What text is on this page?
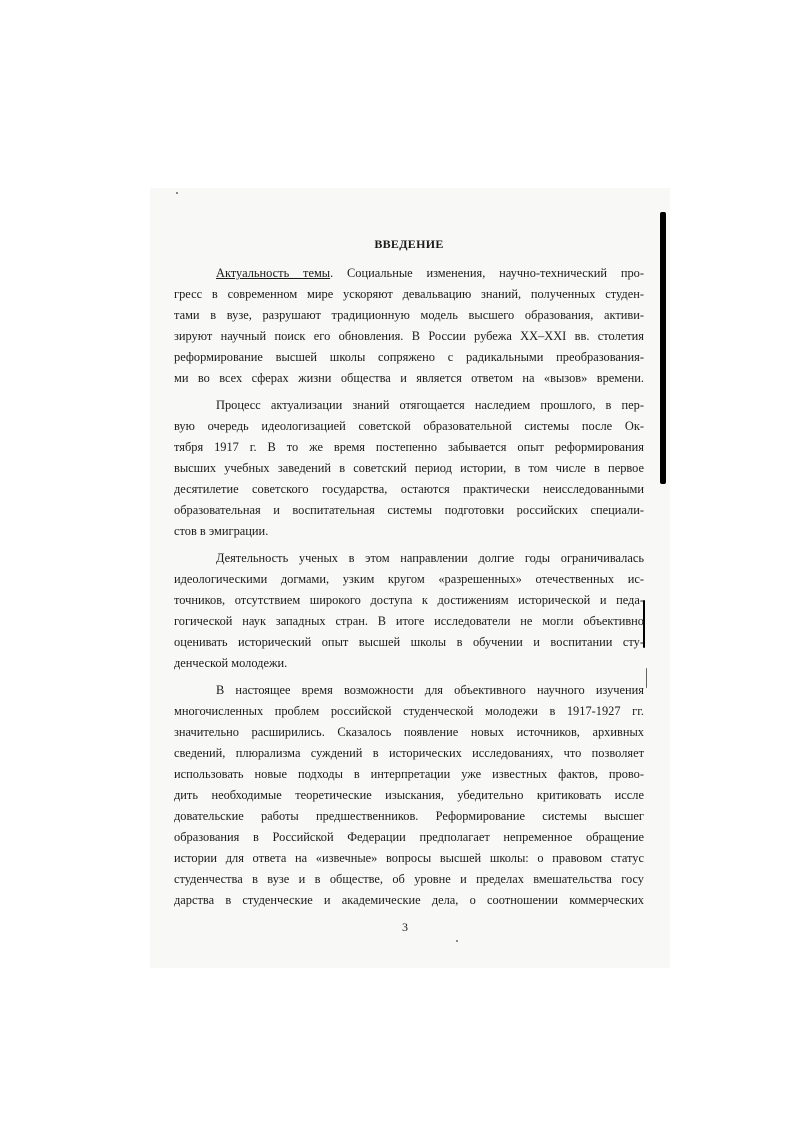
ВВЕДЕНИЕ

Актуальность темы. Социальные изменения, научно-технический про-
гресс в современном мире ускоряют девальвацию знаний, полученных студен-
тами в вузе, разрушают традиционную модель высшего образования, активи-
зируют научный поиск его обновления. В России рубежа XX–XXI вв. столетия
реформирование высшей школы сопряжено с радикальными преобразования-
ми во всех сферах жизни общества и является ответом на «вызов» времени.

Процесс актуализации знаний отягощается наследием прошлого, в пер-
вую очередь идеологизацией советской образовательной системы после Ок-
тября 1917 г. В то же время постепенно забывается опыт реформирования
высших учебных заведений в советский период истории, в том числе в первое
десятилетие советского государства, остаются практически неисследованными
образовательная и воспитательная системы подготовки российских специали-
стов в эмиграции.

Деятельность ученых в этом направлении долгие годы ограничивалась
идеологическими догмами, узким кругом «разрешенных» отечественных ис-
точников, отсутствием широкого доступа к достижениям исторической и педа-
гогической наук западных стран. В итоге исследователи не могли объективно
оценивать исторический опыт высшей школы в обучении и воспитании сту-
денческой молодежи.

В настоящее время возможности для объективного научного изучения
многочисленных проблем российской студенческой молодежи в 1917-1927 гг.
значительно расширились. Сказалось появление новых источников, архивных
сведений, плюрализма суждений в исторических исследованиях, что позволяет
использовать новые подходы в интерпретации уже известных фактов, прово-
дить необходимые теоретические изыскания, убедительно критиковать иссле
довательские работы предшественников. Реформирование системы высшег
образования в Российской Федерации предполагает непременное обращение
истории для ответа на «извечные» вопросы высшей школы: о правовом статус
студенчества в вузе и в обществе, об уровне и пределах вмешательства госу
дарства в студенческие и академические дела, о соотношении коммерческих

3
